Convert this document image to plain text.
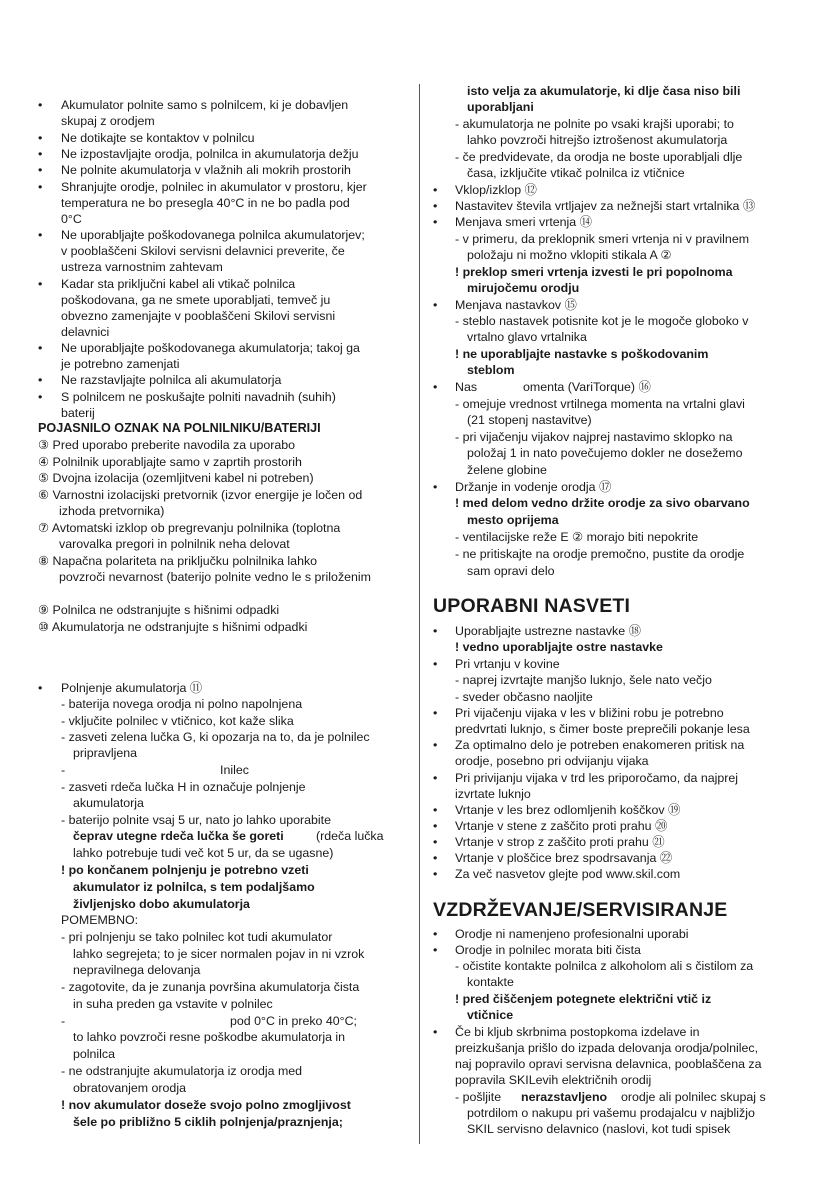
• Akumulator polnite samo s polnilcem, ki je dobavljen
skupaj z orodjem
• Ne dotikajte se kontaktov v polnilcu
• Ne izpostavljajte orodja, polnilca in akumulatorja dežju
• Ne polnite akumulatorja v vlažnih ali mokrih prostorih
• Shranjujte orodje, polnilec in akumulator v prostoru, kjer
temperatura ne bo presegla 40°C in ne bo padla pod
0°C
• Ne uporabljajte poškodovanega polnilca akumulatorjev;
v pooblaščeni Skilovi servisni delavnici preverite, če
ustreza varnostnim zahtevam
• Kadar sta priključni kabel ali vtikač polnilca
poškodovana, ga ne smete uporabljati, temveč ju
obvezno zamenjajte v pooblaščeni Skilovi servisni
delavnici
• Ne uporabljajte poškodovanega akumulatorja; takoj ga
je potrebno zamenjati
• Ne razstavljajte polnilca ali akumulatorja
• S polnilcem ne poskušajte polniti navadnih (suhih)
baterij
POJASNILO OZNAK NA POLNILNIKU/BATERIJI
③ Pred uporabo preberite navodila za uporabo
④ Polnilnik uporabljajte samo v zaprtih prostorih
⑤ Dvojna izolacija (ozemljitveni kabel ni potreben)
⑥ Varnostni izolacijski pretvornik (izvor energije je ločen od
izhoda pretvornika)
⑦ Avtomatski izklop ob pregrevanju polnilnika (toplotna
varovalka pregori in polnilnik neha delovat
⑧ Napačna polariteta na priključku polnilnika lahko
povzroči nevarnost (baterijo polnite vedno le s priloženim
⑨ Polnilca ne odstranjujte s hišnimi odpadki
⑩ Akumulatorja ne odstranjujte s hišnimi odpadki
• Polnjenje akumulatorja ⑪
- baterija novega orodja ni polno napolnjena
- vključite polnilec v vtičnico, kot kaže slika
- zasveti zelena lučka G, ki opozarja na to, da je polnilec
pripravljena
-	Inilec
- zasveti rdeča lučka H in označuje polnjenje
akumulatorja
- baterijo polnite vsaj 5 ur, nato jo lahko uporabite
čeprav utegne rdeča lučka še goreti	(rdeča lučka
lahko potrebuje tudi več kot 5 ur, da se ugasne)
! po končanem polnjenju je potrebno vzeti
akumulator iz polnilca, s tem podaljšamo
življenjsko dobo akumulatorja
POMEMBNO:
- pri polnjenju se tako polnilec kot tudi akumulator
lahko segrejeta; to je sicer normalen pojav in ni vzrok
nepravilnega delovanja
- zagotovite, da je zunanja površina akumulatorja čista
in suha preden ga vstavite v polnilec
-	pod 0°C in preko 40°C;
to lahko povzroči resne poškodbe akumulatorja in
polnilca
- ne odstranjujte akumulatorja iz orodja med
obratovanjem orodja
! nov akumulator doseže svojo polno zmogljivost
šele po približno 5 ciklih polnjenja/praznjenja;
isto velja za akumulatorje, ki dlje časa niso bili
uporabljani
- akumulatorja ne polnite po vsaki krajši uporabi; to
lahko povzroči hitrejšo iztrošenost akumulatorja
- če predvidevate, da orodja ne boste uporabljali dlje
časa, izključite vtikač polnilca iz vtičnice
• Vklop/izklop ⑫
• Nastavitev števila vrtljajev za nežnejši start vrtalnika ⑬
• Menjava smeri vrtenja ⑭
- v primeru, da preklopnik smeri vrtenja ni v pravilnem
položaju ni možno vklopiti stikala A ②
! preklop smeri vrtenja izvesti le pri popolnoma
mirujočemu orodju
• Menjava nastavkov ⑮
- steblo nastavek potisnite kot je le mogoče globoko v
vrtalno glavo vrtalnika
! ne uporabljajte nastavke s poškodovanim
steblom
• Nas	omenta (VariTorque) ⑯
- omejuje vrednost vrtilnega momenta na vrtalni glavi
(21 stopenj nastavitve)
- pri vijačenju vijakov najprej nastavimo sklopko na
položaj 1 in nato povečujemo dokler ne dosežemo
želene globine
• Držanje in vodenje orodja ⑰
! med delom vedno držite orodje za sivo obarvano
mesto oprijema
- ventilacijske reže E ② morajo biti nepokrite
- ne pritiskajte na orodje premočno, pustite da orodje
sam opravi delo
UPORABNI NASVETI
• Uporabljajte ustrezne nastavke ⑱
! vedno uporabljajte ostre nastavke
• Pri vrtanju v kovine
- naprej izvrtajte manjšo luknjo, šele nato večjo
- sveder občasno naoljite
• Pri vijačenju vijaka v les v bližini robu je potrebno
predvrtati luknjo, s čimer boste preprečili pokanje lesa
• Za optimalno delo je potreben enakomeren pritisk na
orodje, posebno pri odvijanju vijaka
• Pri privijanju vijaka v trd les priporočamo, da najprej
izvrtate luknjo
• Vrtanje v les brez odlomljenih koščkov ⑲
• Vrtanje v stene z zaščito proti prahu ⑳
• Vrtanje v strop z zaščito proti prahu ㉑
• Vrtanje v ploščice brez spodrsavanja ㉒
• Za več nasvetov glejte pod www.skil.com
VZDRŽEVANJE/SERVISIRANJE
• Orodje ni namenjeno profesionalni uporabi
• Orodje in polnilec morata biti čista
- očistite kontakte polnilca z alkoholom ali s čistilom za
kontakte
! pred čiščenjem potegnete električni vtič iz
vtičnice
• Če bi kljub skrbnima postopkoma izdelave in
preizkušanja prišlo do izpada delovanja orodja/polnilec,
naj popravilo opravi servisna delavnica, pooblaščena za
popravila SKILevih električnih orodij
- pošljite nerazstavljeno orodje ali polnilec skupaj s
potrdilom o nakupu pri vašemu prodajalcu v najbližjo
SKIL servisno delavnico (naslovi, kot tudi spisek
